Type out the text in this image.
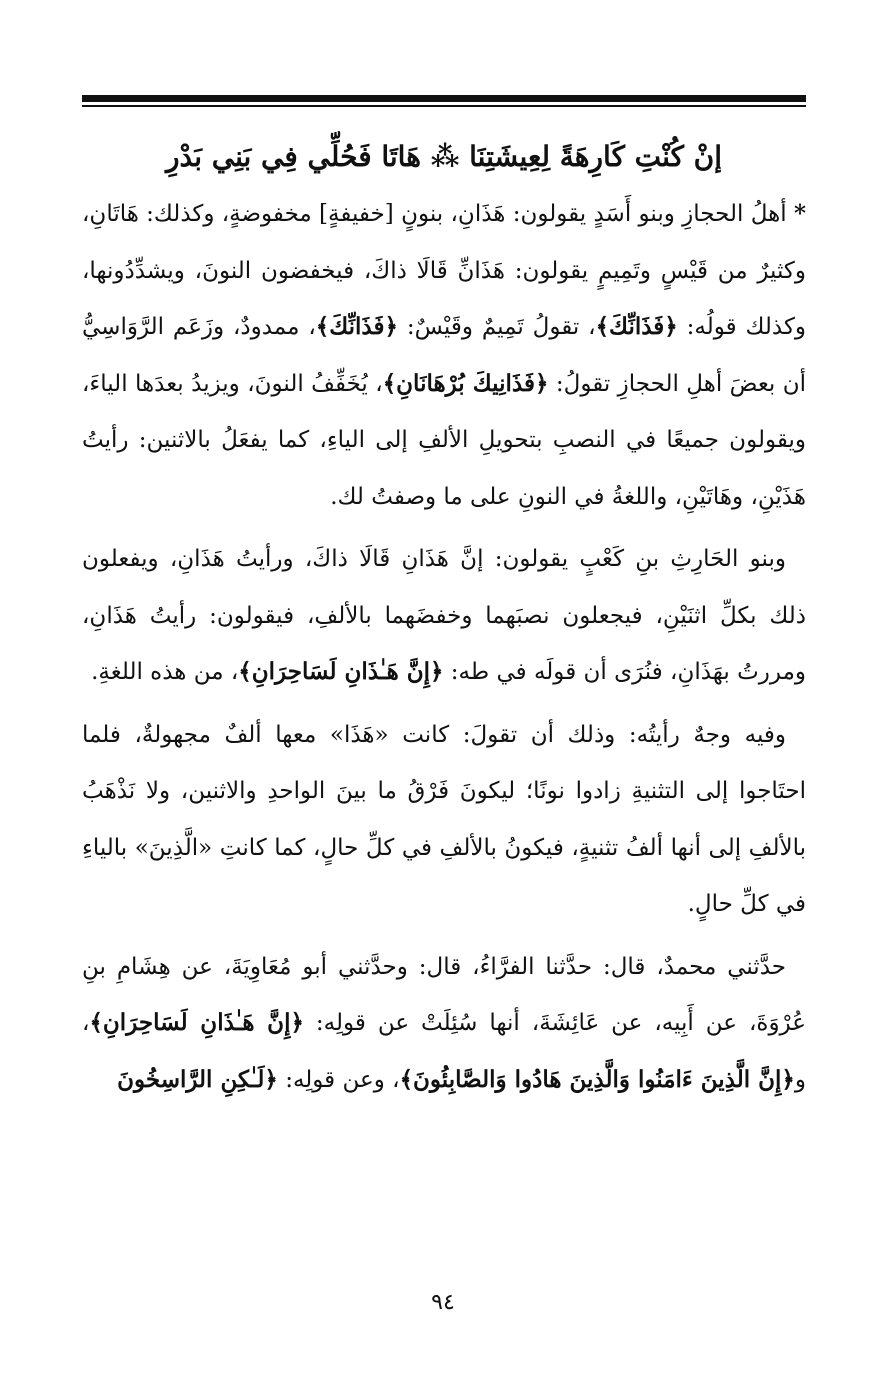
إنْ كُنْتِ كَارِهَةً لِعِيشَتِنَا ⁂ هَاتَا فَحُلِّي فِي بَنِي بَدْرِ

* أهلُ الحجازِ وبنو أَسَدٍ يقولون: هَذَانِ، بنونٍ [خفيفةٍ] مخفوضةٍ، وكذلك: هَاتَانِ، وكثيرٌ من قَيْسٍ وتَمِيمٍ يقولون: هَذَانِّ قَالَا ذاكَ، فيخفضون النونَ، ويشدِّدُونها، وكذلك قولُه: ﴿فَذَانِّكَ﴾، تقولُ تَمِيمٌ وقَيْسٌ: ﴿فَذَانِّكَ﴾، ممدودٌ، وزَعَم الرَّوَاسِيُّ أن بعضَ أهلِ الحجازِ تقولُ: ﴿فَذَانِيكَ بُرْهَانَانِ﴾، يُخَفِّفُ النونَ، ويزيدُ بعدَها الياءَ، ويقولون جميعًا في النصبِ بتحويلِ الألفِ إلى الياءِ، كما يفعَلُ بالاثنين: رأيتُ هَذَيْنِ، وهَاتَيْنِ، واللغةُ في النونِ على ما وصفتُ لك.

وبنو الحَارِثِ بنِ كَعْبٍ يقولون: إنَّ هَذَانِ قَالَا ذاكَ، ورأيتُ هَذَانِ، ويفعلون ذلك بكلِّ اثنَيْنِ، فيجعلون نصبَهما وخفضَهما بالألفِ، فيقولون: رأيتُ هَذَانِ، ومررتُ بهَذَانِ، فنُرَى أن قولَه في طه: ﴿إِنَّ هَـٰذَانِ لَسَاحِرَانِ﴾، من هذه اللغةِ.

وفيه وجهٌ رأيتُه: وذلك أن تقولَ: كانت «هَذَا» معها ألفٌ مجهولةٌ، فلما احتَاجوا إلى التثنيةِ زادوا نونًا؛ ليكونَ فَرْقُ ما بينَ الواحدِ والاثنين، ولا نَذْهَبُ بالألفِ إلى أنها ألفُ تثنيةٍ، فيكونُ بالألفِ في كلِّ حالٍ، كما كانتِ «الَّذِينَ» بالياءِ في كلِّ حالٍ.

حدَّثني محمدٌ، قال: حدَّثنا الفرَّاءُ، قال: وحدَّثني أبو مُعَاوِيَةَ، عن هِشَامِ بنِ عُرْوَةَ، عن أَبِيه، عن عَائِشَةَ، أنها سُئِلَتْ عن قولِه: ﴿إِنَّ هَـٰذَانِ لَسَاحِرَانِ﴾، و﴿إِنَّ الَّذِينَ ءَامَنُوا وَالَّذِينَ هَادُوا وَالصَّابِئُونَ﴾، وعن قولِه: ﴿لَـٰكِنِ الرَّاسِخُونَ

٩٤
